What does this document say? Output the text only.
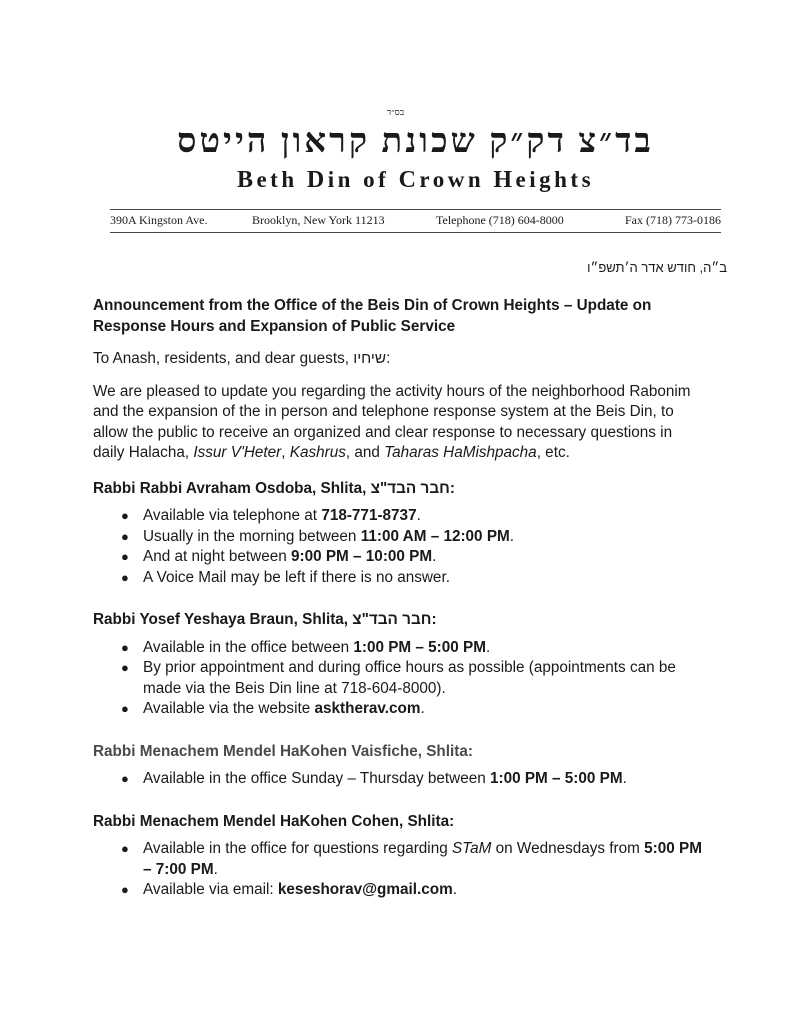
בס״ד
בד״צ דק״ק שכונת קראון הייטס
Beth Din of Crown Heights
390A Kingston Ave.	Brooklyn, New York 11213	Telephone (718) 604-8000	Fax (718) 773-0186
ב״ה, חודש אדר ה׳תשפ״ו

Announcement from the Office of the Beis Din of Crown Heights – Update on Response Hours and Expansion of Public Service

To Anash, residents, and dear guests, שיחיו:

We are pleased to update you regarding the activity hours of the neighborhood Rabonim and the expansion of the in person and telephone response system at the Beis Din, to allow the public to receive an organized and clear response to necessary questions in daily Halacha, Issur V'Heter, Kashrus, and Taharas HaMishpacha, etc.

Rabbi Rabbi Avraham Osdoba, Shlita, חבר הבד"צ:

● Available via telephone at 718-771-8737.
● Usually in the morning between 11:00 AM – 12:00 PM.
● And at night between 9:00 PM – 10:00 PM.
● A Voice Mail may be left if there is no answer.

Rabbi Yosef Yeshaya Braun, Shlita, חבר הבד"צ:

● Available in the office between 1:00 PM – 5:00 PM.
● By prior appointment and during office hours as possible (appointments can be made via the Beis Din line at 718-604-8000).
● Available via the website asktherav.com.

Rabbi Menachem Mendel HaKohen Vaisfiche, Shlita:

● Available in the office Sunday – Thursday between 1:00 PM – 5:00 PM.

Rabbi Menachem Mendel HaKohen Cohen, Shlita:

● Available in the office for questions regarding STaM on Wednesdays from 5:00 PM – 7:00 PM.
● Available via email: keseshorav@gmail.com.
